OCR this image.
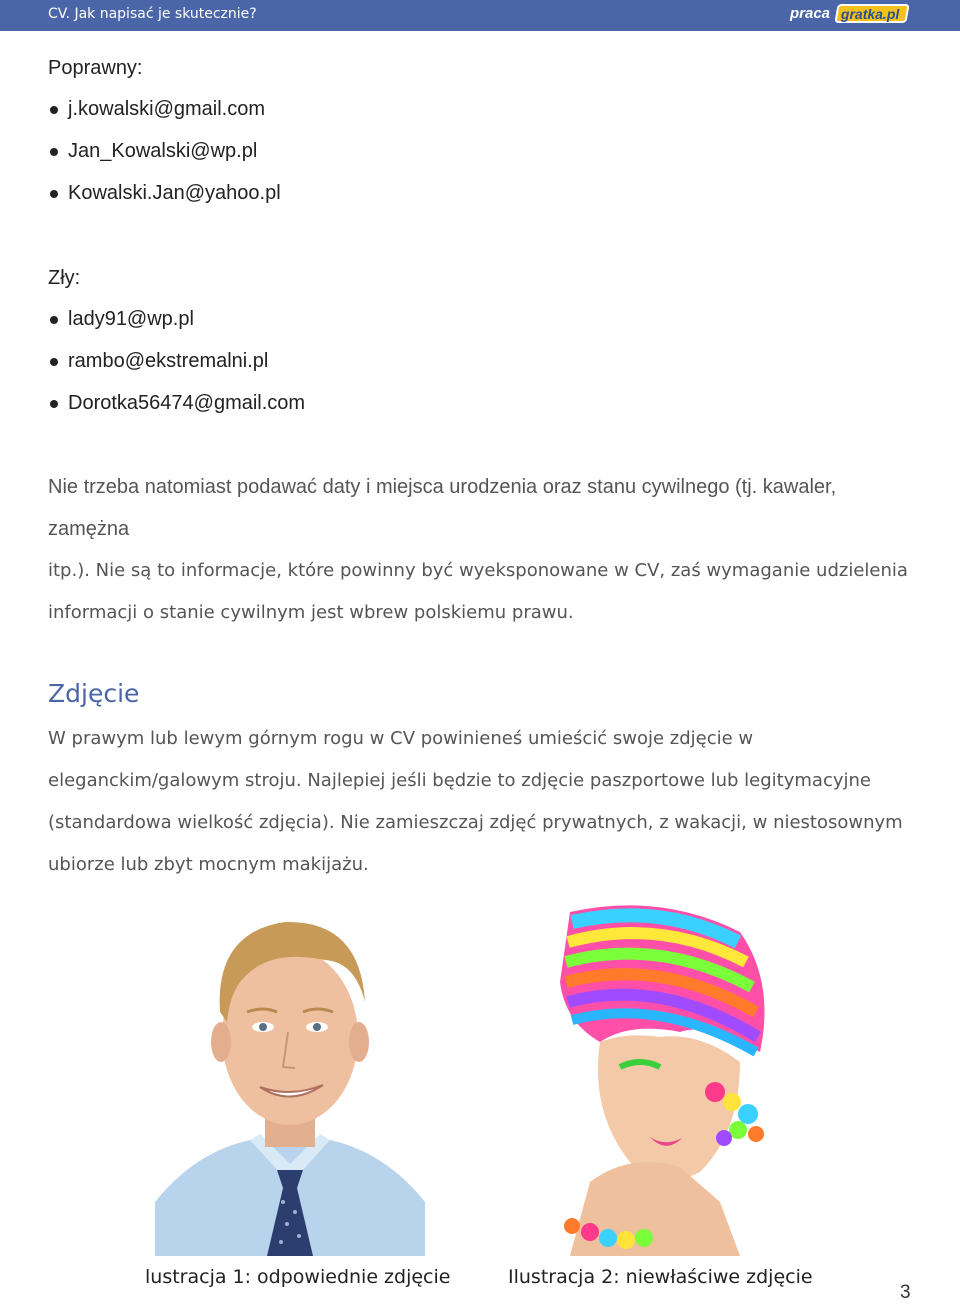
CV. Jak napisać je skutecznie?	praca gratka.pl
Poprawny:
j.kowalski@gmail.com
Jan_Kowalski@wp.pl
Kowalski.Jan@yahoo.pl
Zły:
lady91@wp.pl
rambo@ekstremalni.pl
Dorotka56474@gmail.com
Nie trzeba natomiast podawać daty i miejsca urodzenia oraz stanu cywilnego (tj. kawaler, zamężna
itp.). Nie są to informacje, które powinny być wyeksponowane w CV, zaś wymaganie udzielenia informacji o stanie cywilnym jest wbrew polskiemu prawu.
Zdjęcie
W prawym lub lewym górnym rogu w CV powinieneś umieścić swoje zdjęcie w eleganckim/galowym stroju. Najlepiej jeśli będzie to zdjęcie paszportowe lub legitymacyjne (standardowa wielkość zdjęcia). Nie zamieszczaj zdjęć prywatnych, z wakacji, w niestosownym ubiorze lub zbyt mocnym makijażu.
lustracja 1: odpowiednie zdjęcie	Ilustracja 2: niewłaściwe zdjęcie
3
